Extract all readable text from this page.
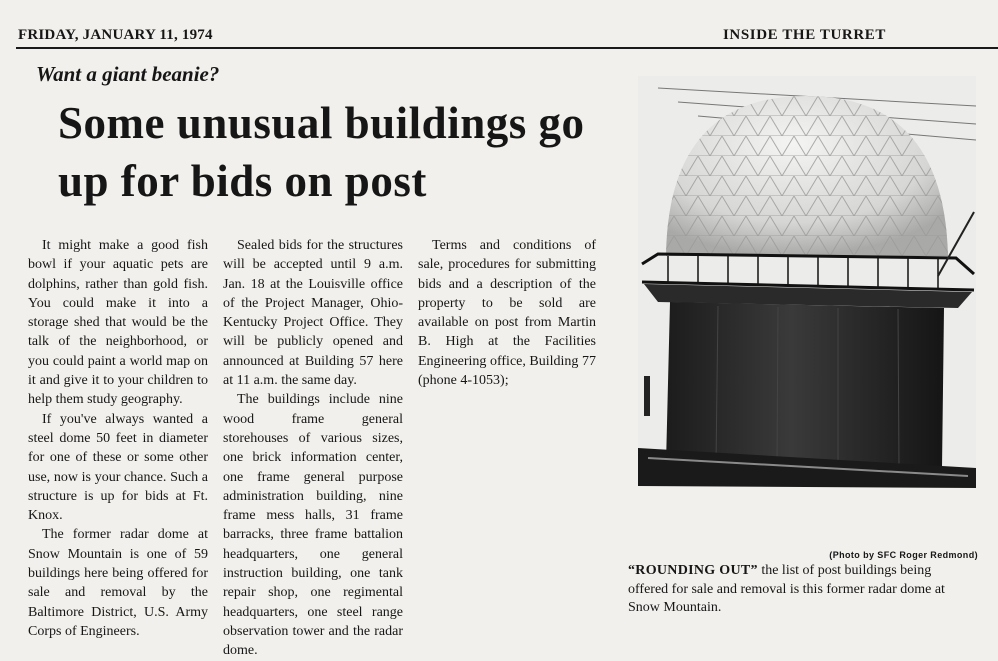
FRIDAY, JANUARY 11, 1974	INSIDE THE TURRET
Want a giant beanie?
Some unusual buildings go up for bids on post

It might make a good fish bowl if your aquatic pets are dolphins, rather than gold fish. You could make it into a storage shed that would be the talk of the neighborhood, or you could paint a world map on it and give it to your children to help them study geography.

If you've always wanted a steel dome 50 feet in diameter for one of these or some other use, now is your chance. Such a structure is up for bids at Ft. Knox.

The former radar dome at Snow Mountain is one of 59 buildings here being offered for sale and removal by the Baltimore District, U.S. Army Corps of Engineers.

Sealed bids for the structures will be accepted until 9 a.m. Jan. 18 at the Louisville office of the Project Manager, Ohio-Kentucky Project Office. They will be publicly opened and announced at Building 57 here at 11 a.m. the same day.

The buildings include nine wood frame general storehouses of various sizes, one brick information center, one frame general purpose administration building, nine frame mess halls, 31 frame barracks, three frame battalion headquarters, one general instruction building, one tank repair shop, one regimental headquarters, one steel range observation tower and the radar dome.

Terms and conditions of sale, procedures for submitting bids and a description of the property to be sold are available on post from Martin B. High at the Facilities Engineering office, Building 77 (phone 4-1053);

(Photo by SFC Roger Redmond)
“ROUNDING OUT” the list of post buildings being offered for sale and removal is this former radar dome at Snow Mountain.
